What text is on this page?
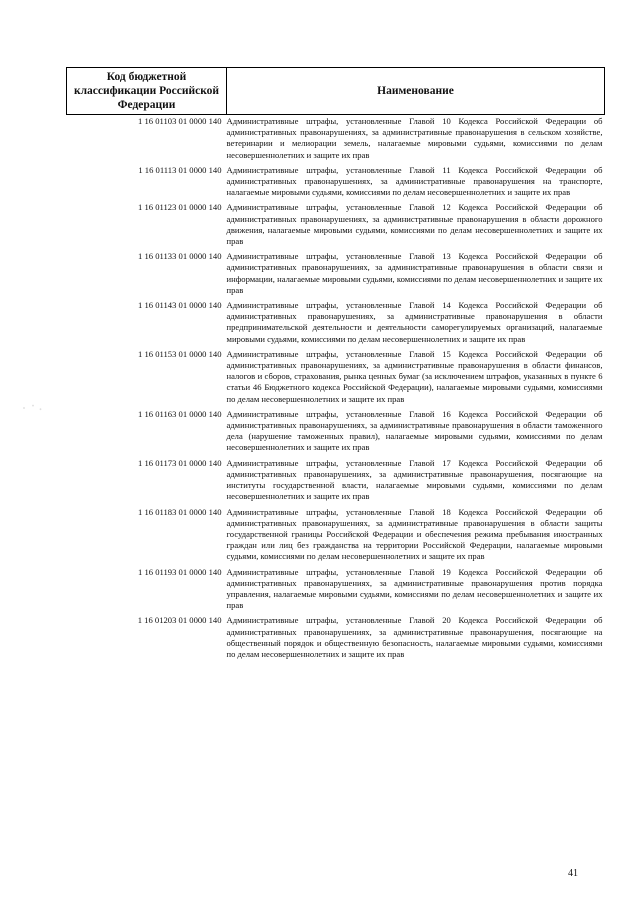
Код бюджетной классификации Российской Федерации	Наименование
1 16 01103 01 0000 140	Административные штрафы, установленные Главой 10 Кодекса Российской Федерации об административных правонарушениях, за административные правонарушения в сельском хозяйстве, ветеринарии и мелиорации земель, налагаемые мировыми судьями, комиссиями по делам несовершеннолетних и защите их прав
1 16 01113 01 0000 140	Административные штрафы, установленные Главой 11 Кодекса Российской Федерации об административных правонарушениях, за административные правонарушения на транспорте, налагаемые мировыми судьями, комиссиями по делам несовершеннолетних и защите их прав
1 16 01123 01 0000 140	Административные штрафы, установленные Главой 12 Кодекса Российской Федерации об административных правонарушениях, за административные правонарушения в области дорожного движения, налагаемые мировыми судьями, комиссиями по делам несовершеннолетних и защите их прав
1 16 01133 01 0000 140	Административные штрафы, установленные Главой 13 Кодекса Российской Федерации об административных правонарушениях, за административные правонарушения в области связи и информации, налагаемые мировыми судьями, комиссиями по делам несовершеннолетних и защите их прав
1 16 01143 01 0000 140	Административные штрафы, установленные Главой 14 Кодекса Российской Федерации об административных правонарушениях, за административные правонарушения в области предпринимательской деятельности и деятельности саморегулируемых организаций, налагаемые мировыми судьями, комиссиями по делам несовершеннолетних и защите их прав
1 16 01153 01 0000 140	Административные штрафы, установленные Главой 15 Кодекса Российской Федерации об административных правонарушениях, за административные правонарушения в области финансов, налогов и сборов, страхования, рынка ценных бумаг (за исключением штрафов, указанных в пункте 6 статьи 46 Бюджетного кодекса Российской Федерации), налагаемые мировыми судьями, комиссиями по делам несовершеннолетних и защите их прав
1 16 01163 01 0000 140	Административные штрафы, установленные Главой 16 Кодекса Российской Федерации об административных правонарушениях, за административные правонарушения в области таможенного дела (нарушение таможенных правил), налагаемые мировыми судьями, комиссиями по делам несовершеннолетних и защите их прав
1 16 01173 01 0000 140	Административные штрафы, установленные Главой 17 Кодекса Российской Федерации об административных правонарушениях, за административные правонарушения, посягающие на институты государственной власти, налагаемые мировыми судьями, комиссиями по делам несовершеннолетних и защите их прав
1 16 01183 01 0000 140	Административные штрафы, установленные Главой 18 Кодекса Российской Федерации об административных правонарушениях, за административные правонарушения в области защиты государственной границы Российской Федерации и обеспечения режима пребывания иностранных граждан или лиц без гражданства на территории Российской Федерации, налагаемые мировыми судьями, комиссиями по делам несовершеннолетних и защите их прав
1 16 01193 01 0000 140	Административные штрафы, установленные Главой 19 Кодекса Российской Федерации об административных правонарушениях, за административные правонарушения против порядка управления, налагаемые мировыми судьями, комиссиями по делам несовершеннолетних и защите их прав
1 16 01203 01 0000 140	Административные штрафы, установленные Главой 20 Кодекса Российской Федерации об административных правонарушениях, за административные правонарушения, посягающие на общественный порядок и общественную безопасность, налагаемые мировыми судьями, комиссиями по делам несовершеннолетних и защите их прав
41
